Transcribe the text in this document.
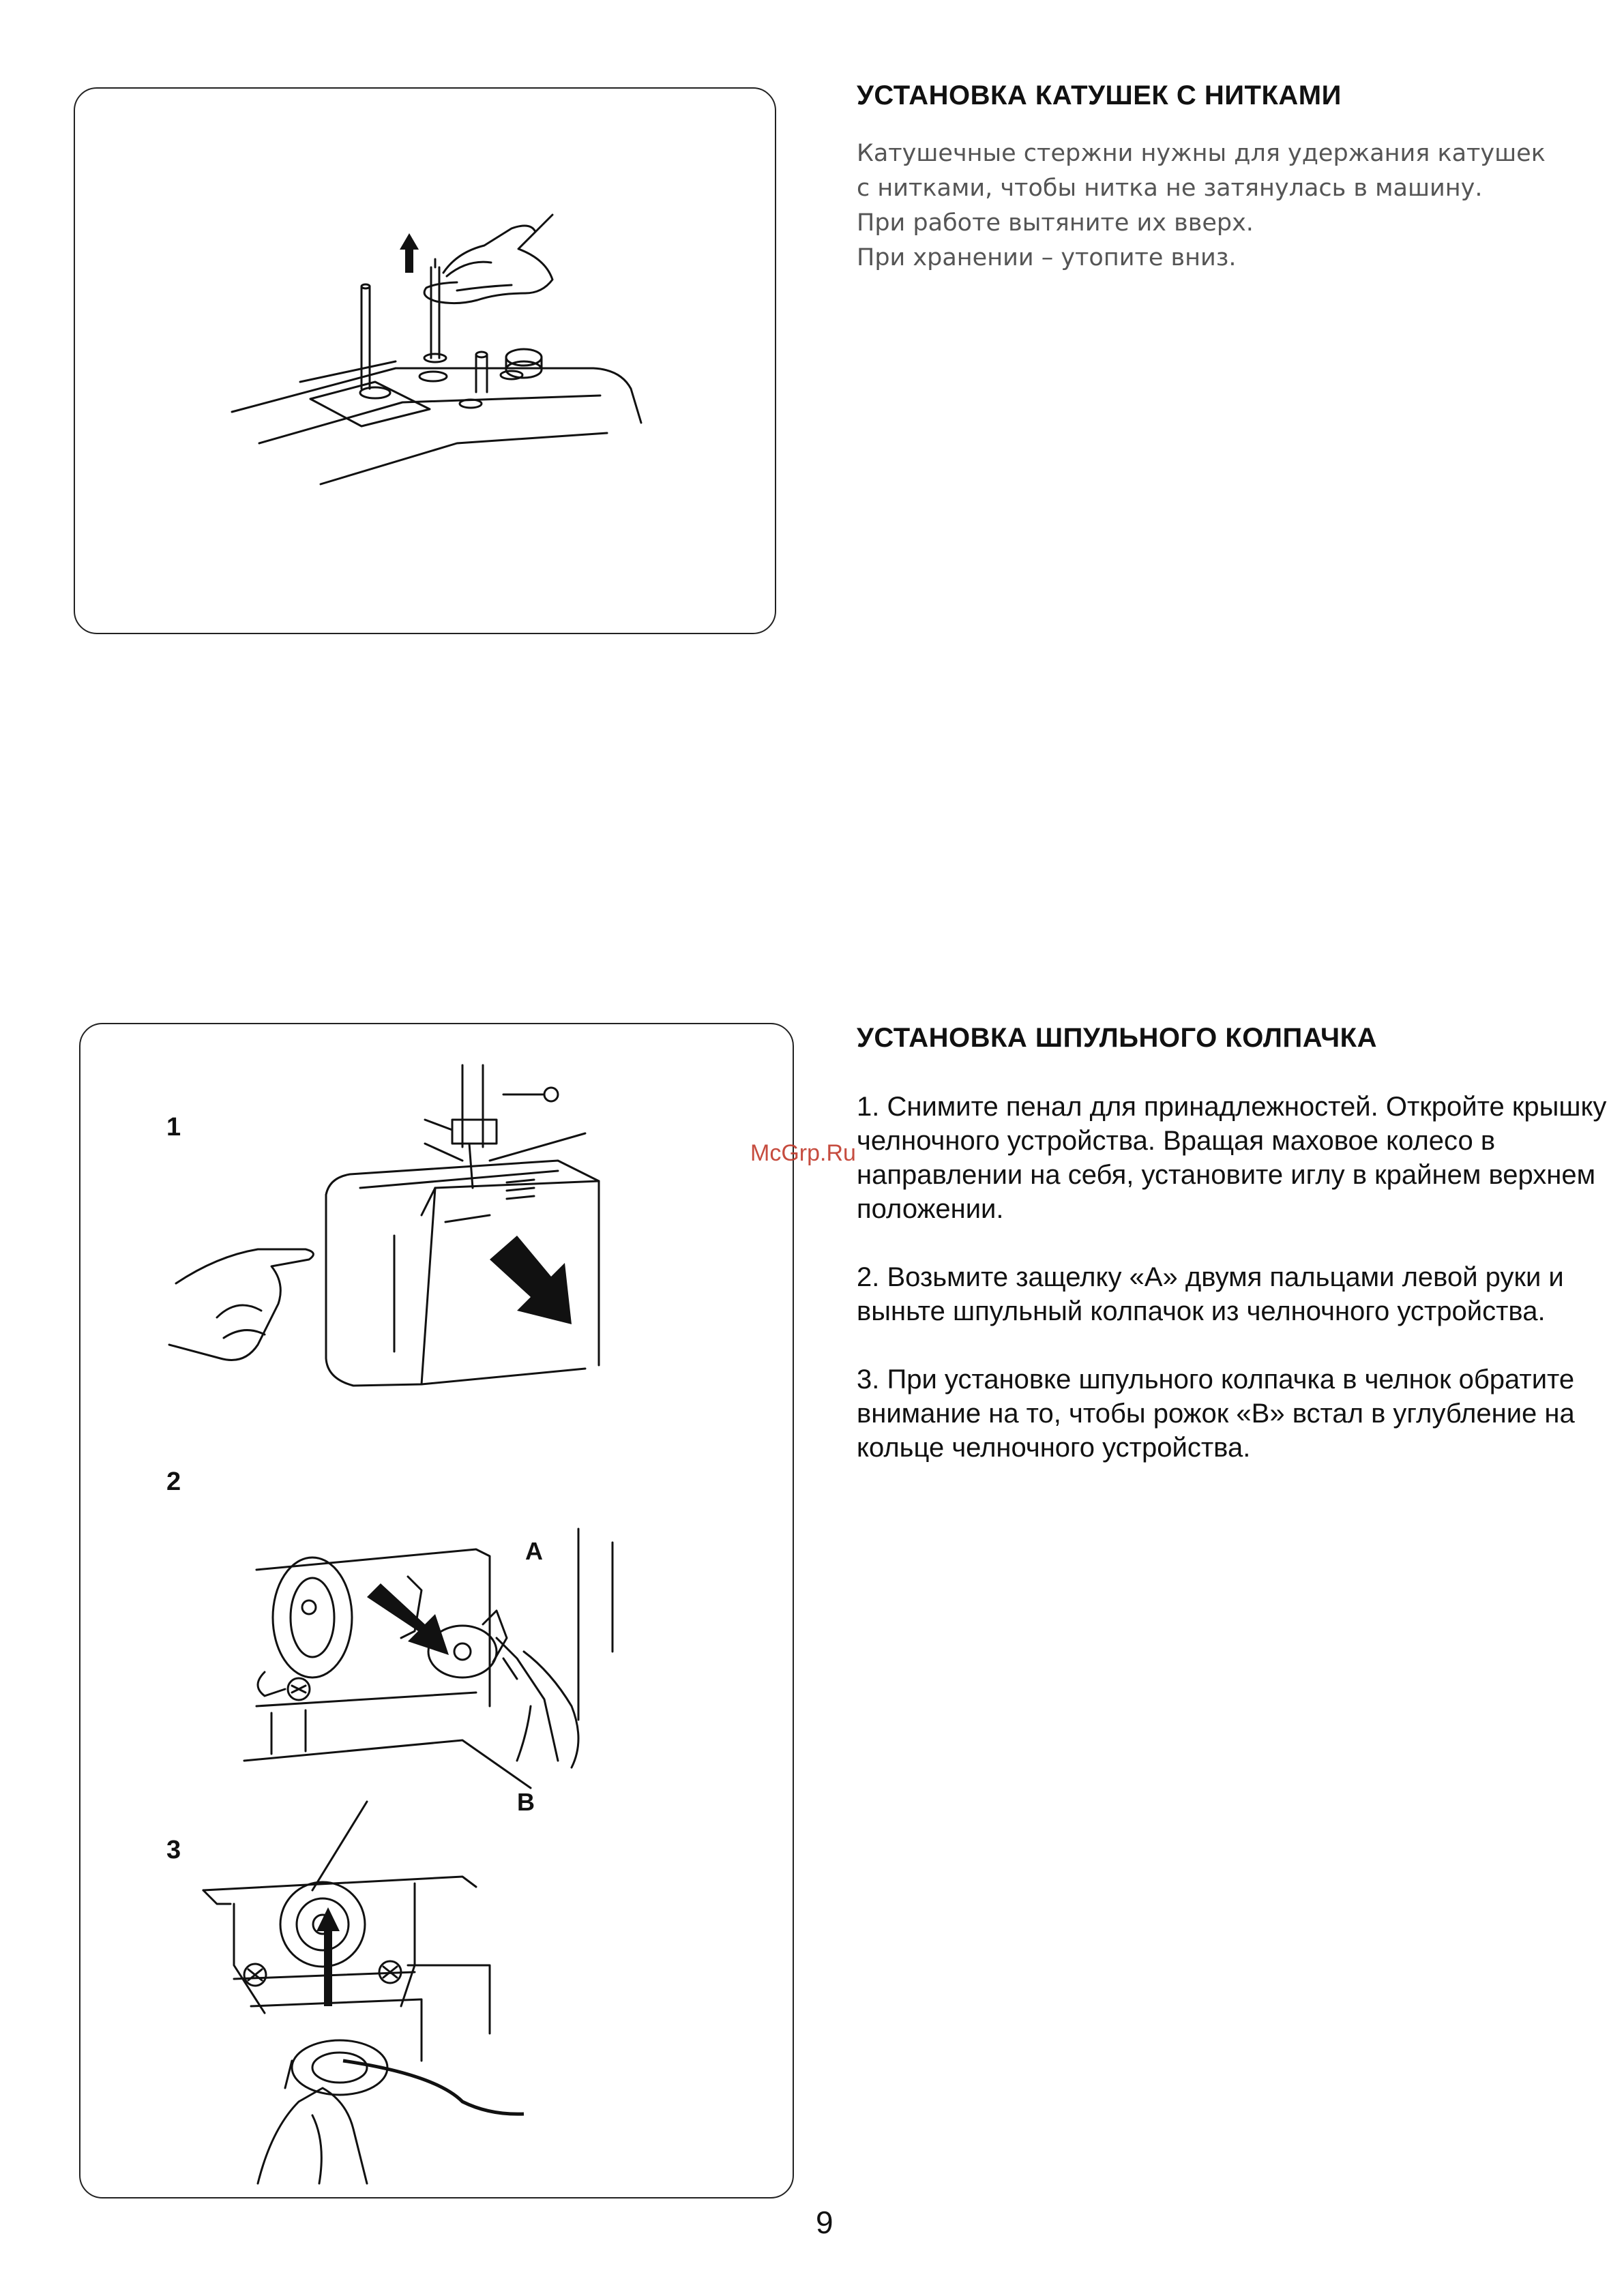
УСТАНОВКА КАТУШЕК С НИТКАМИ

Катушечные стержни нужны для удержания катушек

с нитками, чтобы нитка не затянулась в машину.

При работе вытяните их вверх.

При хранении – утопите вниз.

1
2
3
A
B
УСТАНОВКА ШПУЛЬНОГО КОЛПАЧКА

1. Снимите пенал для принадлежностей. Откройте крышку челночного устройства. Вращая маховое колесо в направлении на себя, установите иглу в крайнем верхнем положении.

2. Возьмите защелку «А» двумя пальцами левой руки и выньте шпульный колпачок из челночного устройства.

3. При установке шпульного колпачка в челнок обратите внимание на то, чтобы рожок «В» встал в углубление на кольце челночного устройства.

McGrp.Ru
9
